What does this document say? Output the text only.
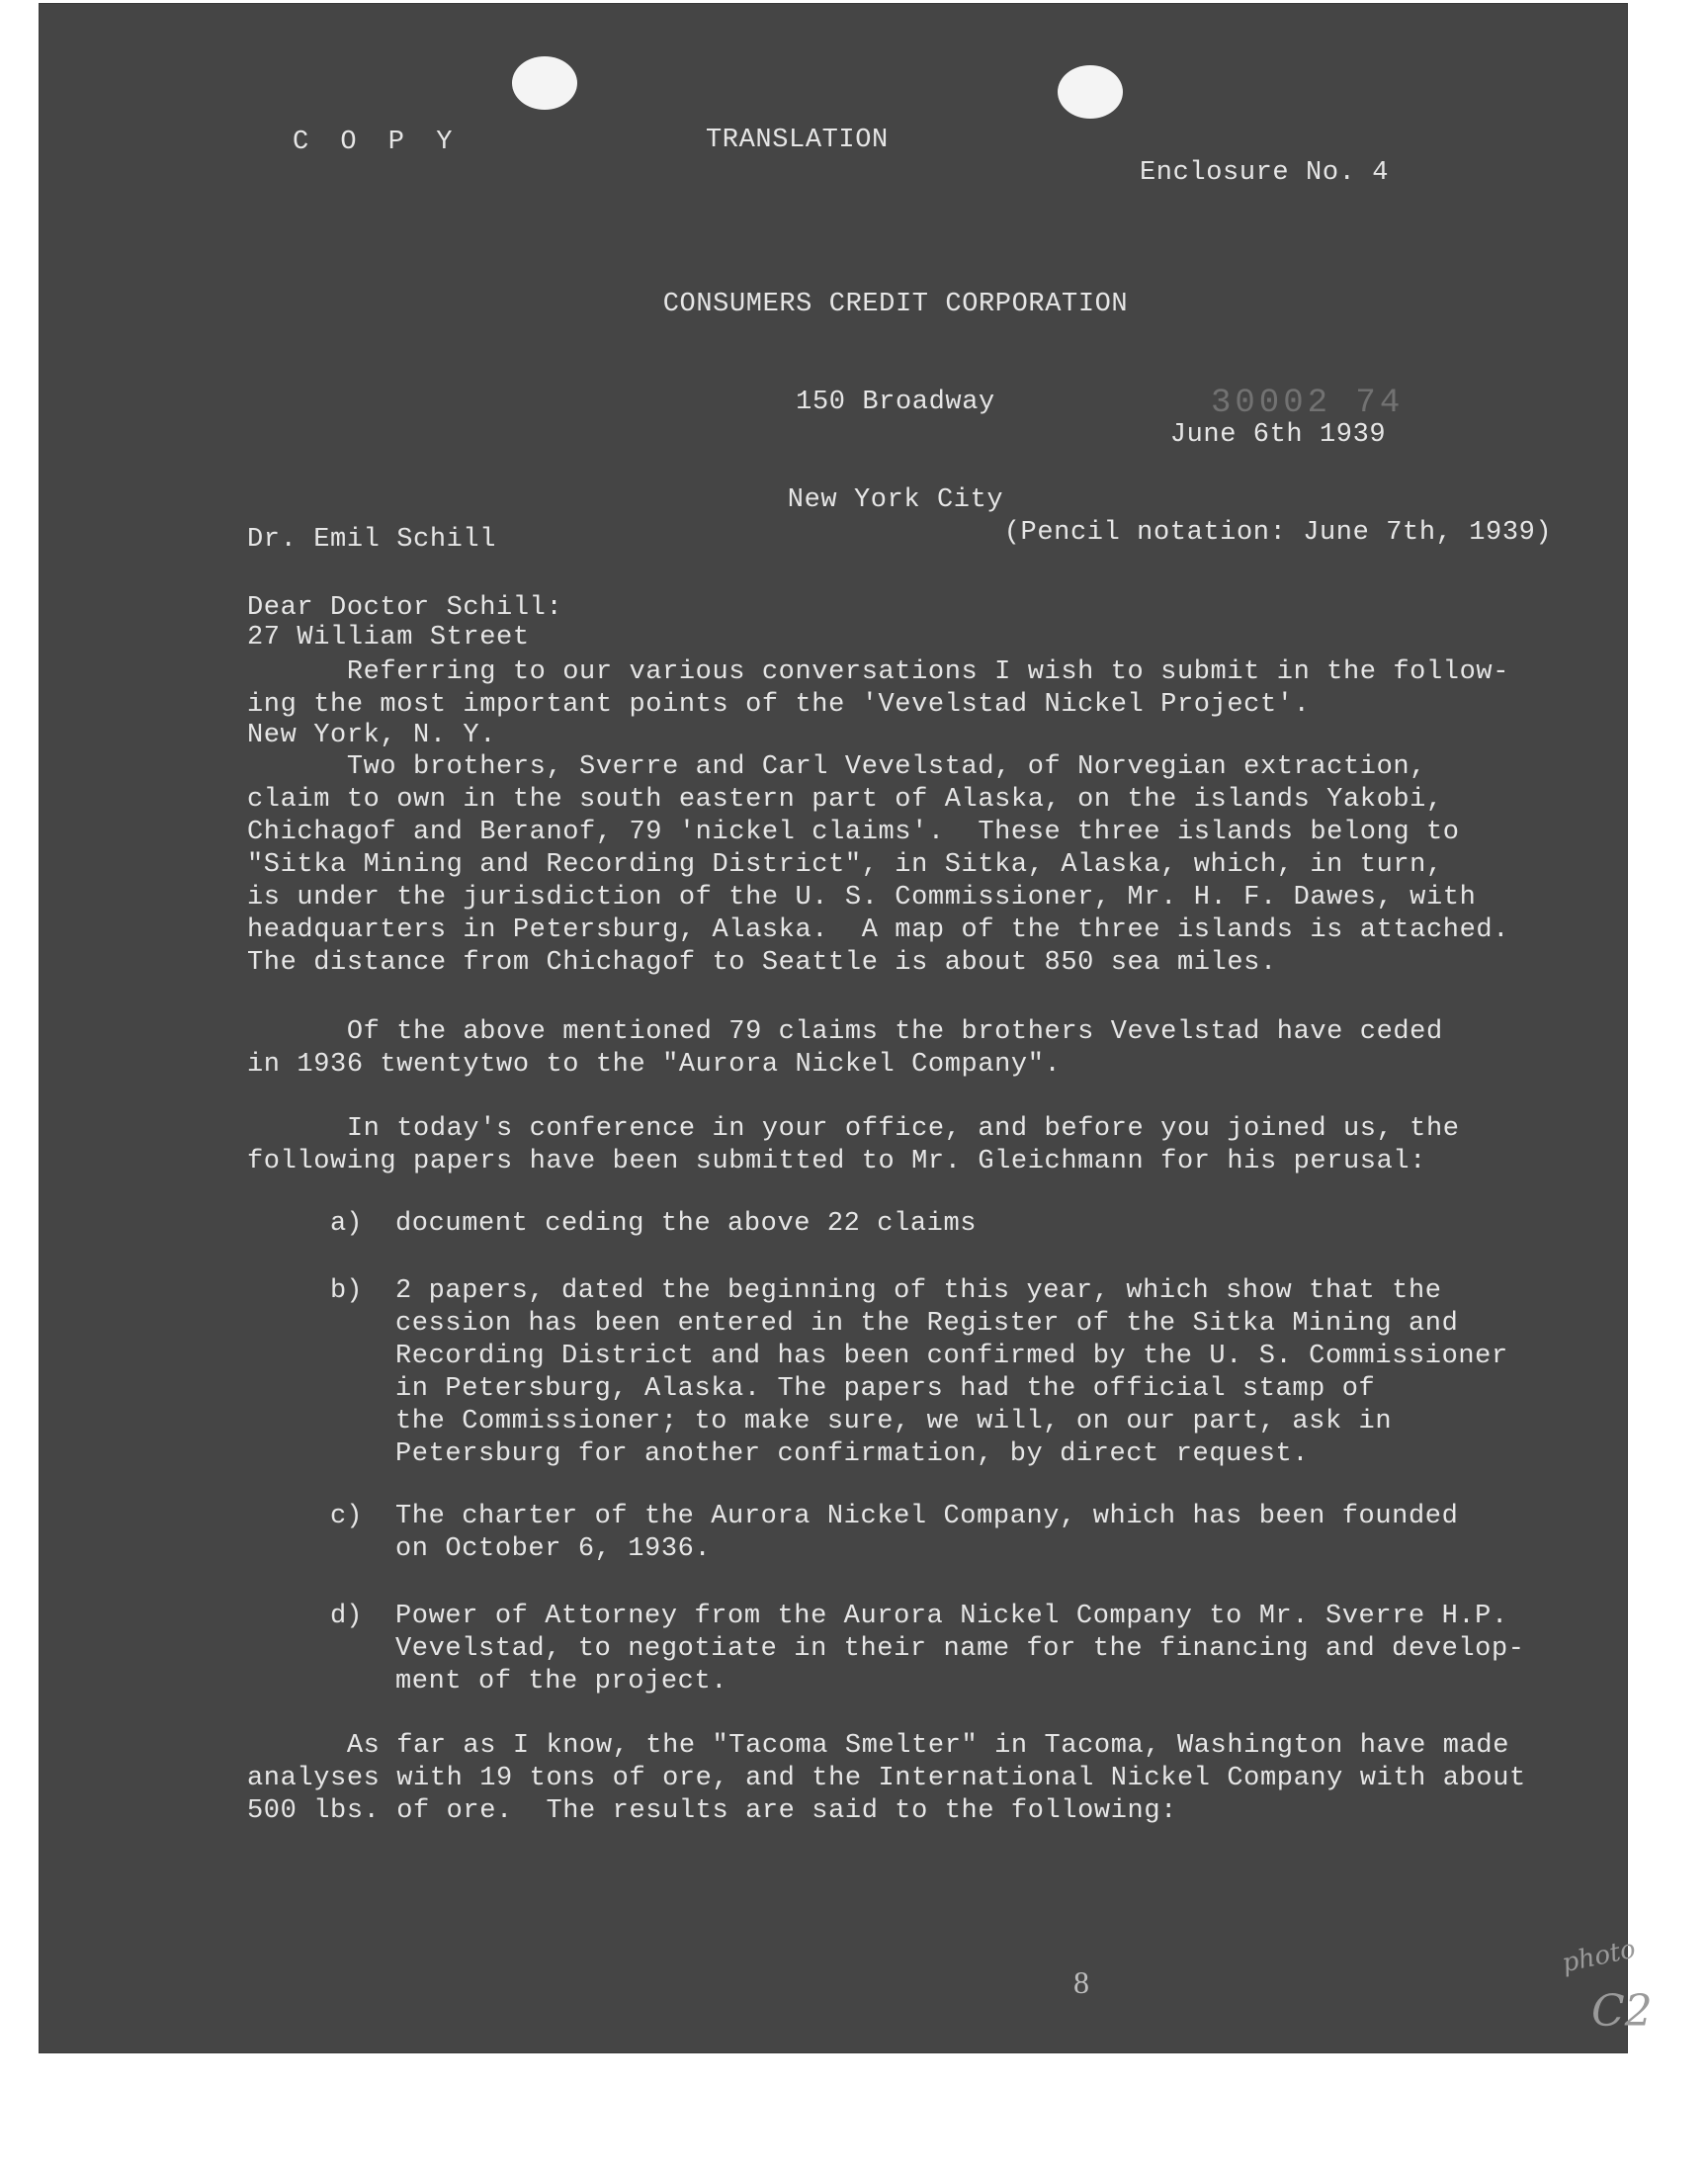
C O P Y	TRANSLATION
Enclosure No. 4

CONSUMERS CREDIT CORPORATION

150 Broadway

New York City

June 6th 1939

(Pencil notation: June 7th, 1939)

30002 74

Dr. Emil Schill

27 William Street

New York, N. Y.

Dear Doctor Schill:
Referring to our various conversations I wish to submit in the follow-
ing the most important points of the 'Vevelstad Nickel Project'.
Two brothers, Sverre and Carl Vevelstad, of Norvegian extraction,
claim to own in the south eastern part of Alaska, on the islands Yakobi,
Chichagof and Beranof, 79 'nickel claims'.  These three islands belong to
"Sitka Mining and Recording District", in Sitka, Alaska, which, in turn,
is under the jurisdiction of the U. S. Commissioner, Mr. H. F. Dawes, with
headquarters in Petersburg, Alaska.  A map of the three islands is attached.
The distance from Chichagof to Seattle is about 850 sea miles.
Of the above mentioned 79 claims the brothers Vevelstad have ceded
in 1936 twentytwo to the "Aurora Nickel Company".
In today's conference in your office, and before you joined us, the
following papers have been submitted to Mr. Gleichmann for his perusal:
a) document ceding the above 22 claims
b) 2 papers, dated the beginning of this year, which show that the
cession has been entered in the Register of the Sitka Mining and
Recording District and has been confirmed by the U. S. Commissioner
in Petersburg, Alaska. The papers had the official stamp of
the Commissioner; to make sure, we will, on our part, ask in
Petersburg for another confirmation, by direct request.
c) The charter of the Aurora Nickel Company, which has been founded
on October 6, 1936.
d) Power of Attorney from the Aurora Nickel Company to Mr. Sverre H.P.
Vevelstad, to negotiate in their name for the financing and develop-
ment of the project.
As far as I know, the "Tacoma Smelter" in Tacoma, Washington have made
analyses with 19 tons of ore, and the International Nickel Company with about
500 lbs. of ore.  The results are said to the following:
8
photo
C2
